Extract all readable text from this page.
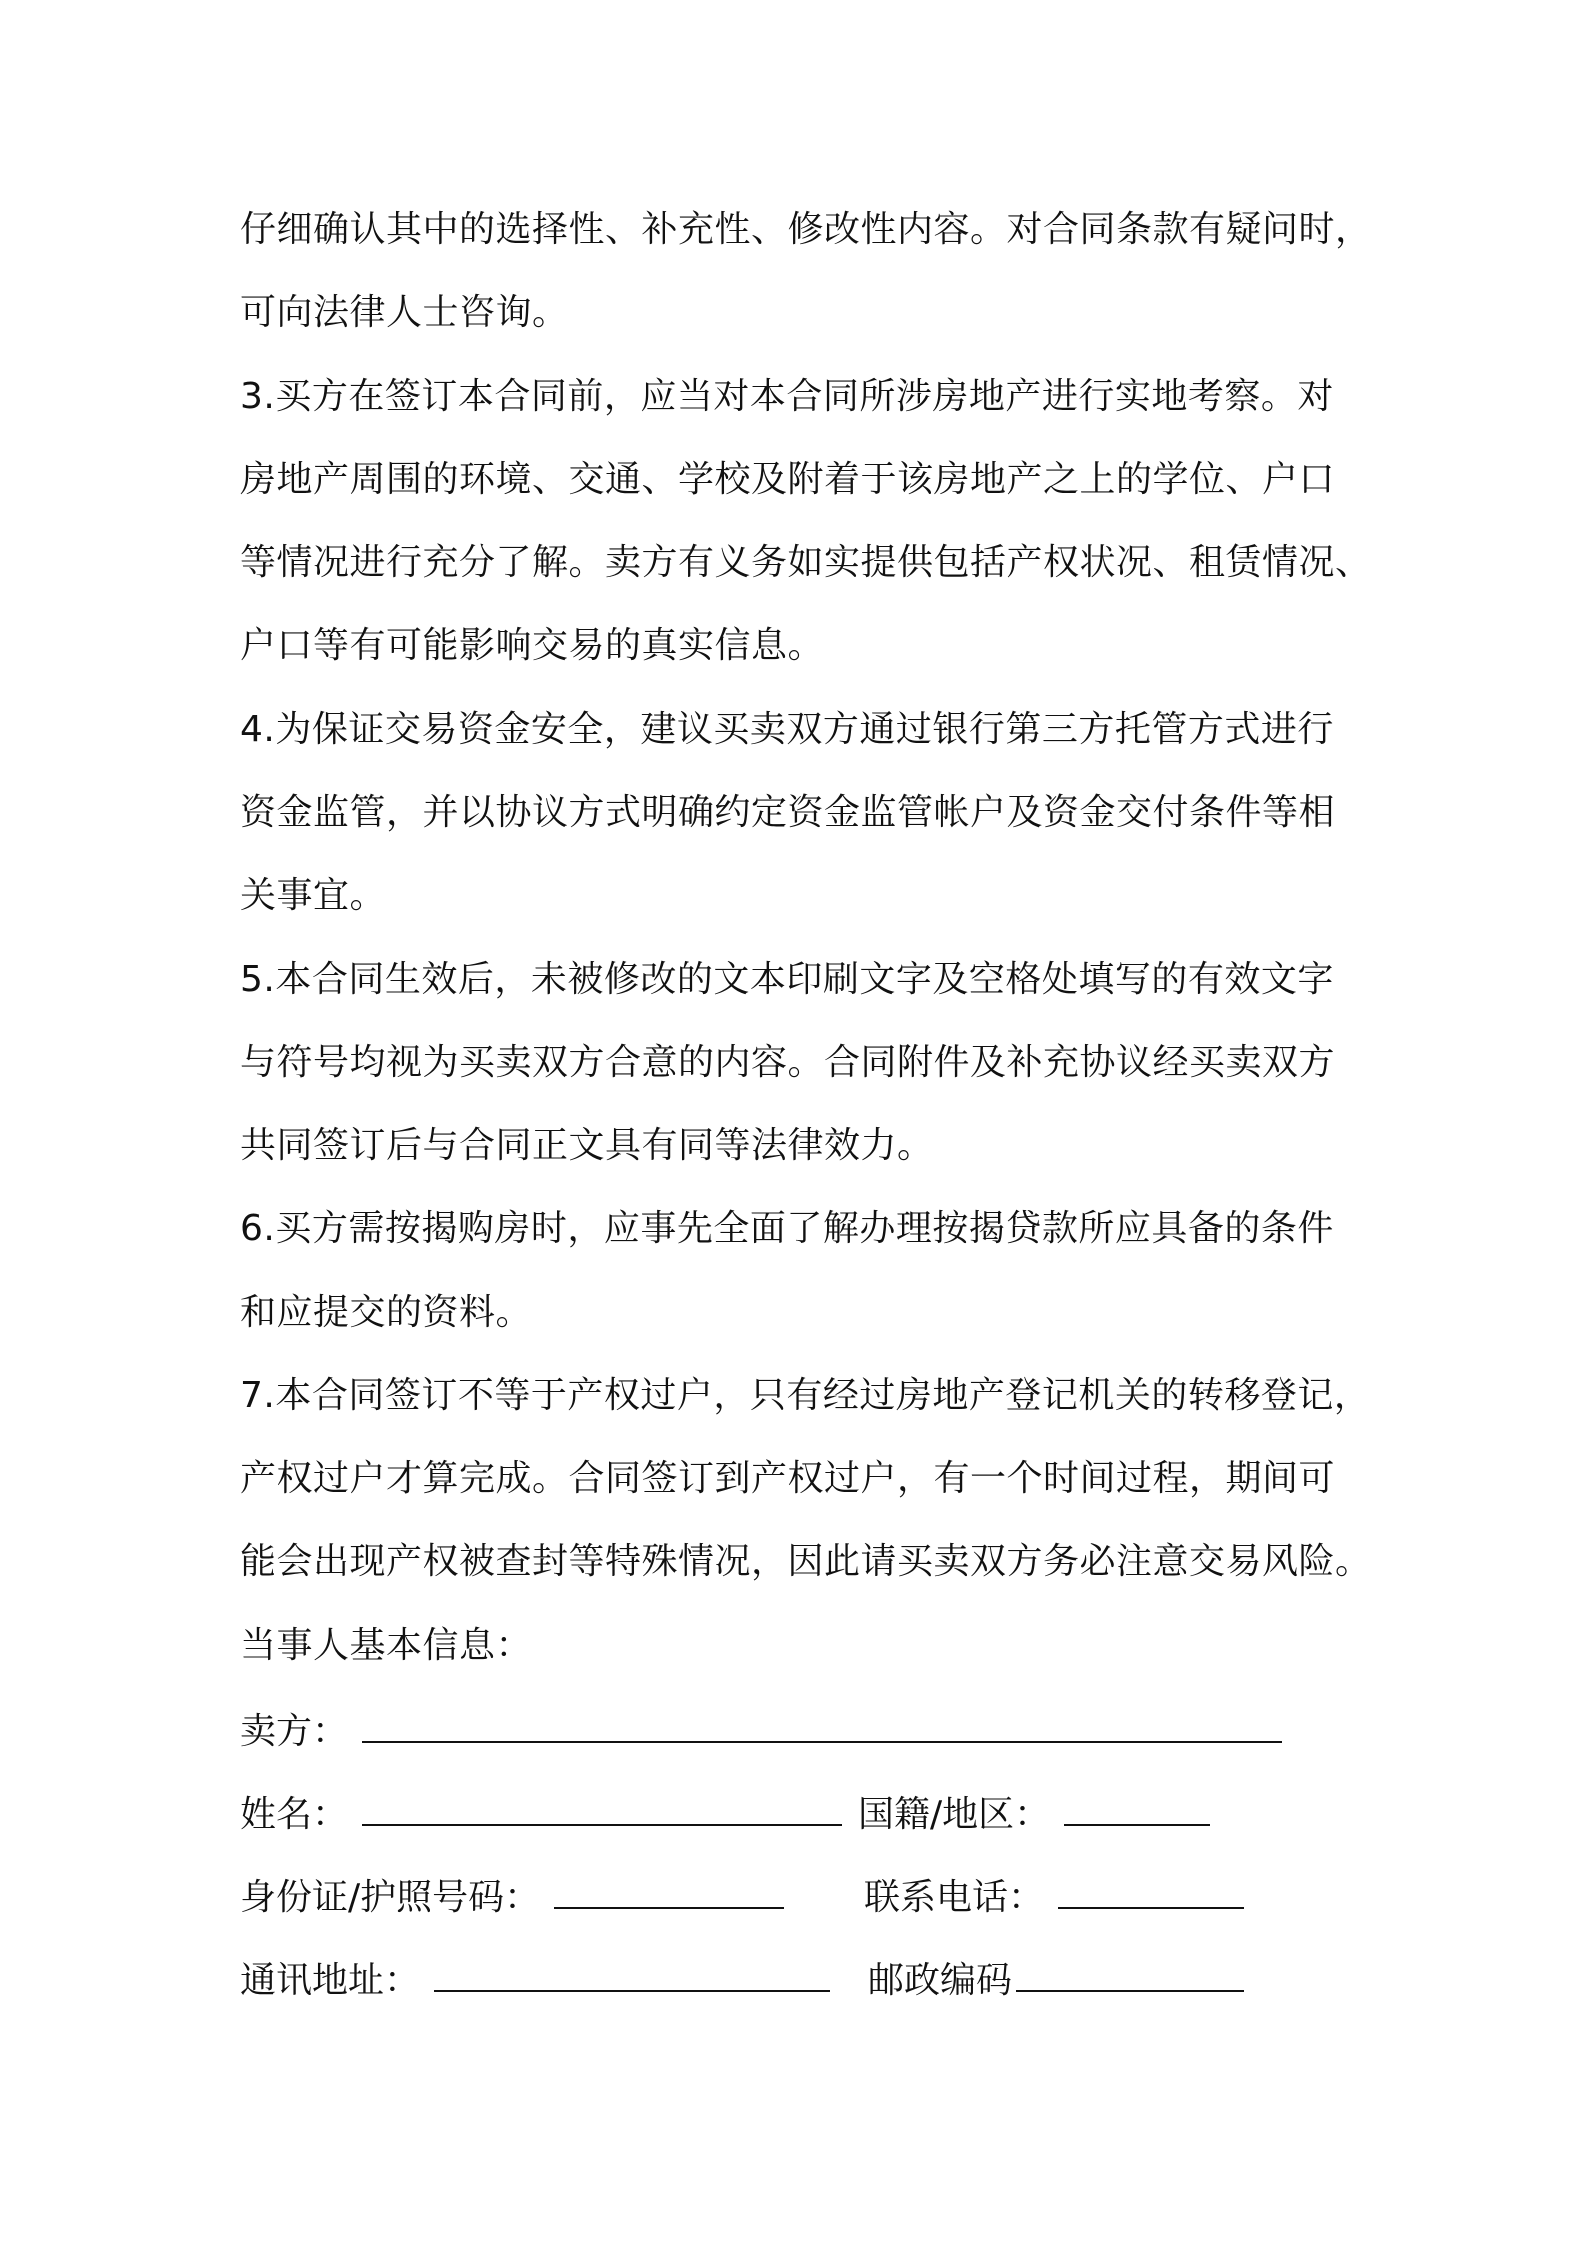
仔细确认其中的选择性、补充性、修改性内容。对合同条款有疑问时，
可向法律人士咨询。
3.买方在签订本合同前，应当对本合同所涉房地产进行实地考察。对
房地产周围的环境、交通、学校及附着于该房地产之上的学位、户口
等情况进行充分了解。卖方有义务如实提供包括产权状况、租赁情况、
户口等有可能影响交易的真实信息。
4.为保证交易资金安全，建议买卖双方通过银行第三方托管方式进行
资金监管，并以协议方式明确约定资金监管帐户及资金交付条件等相
关事宜。
5.本合同生效后，未被修改的文本印刷文字及空格处填写的有效文字
与符号均视为买卖双方合意的内容。合同附件及补充协议经买卖双方
共同签订后与合同正文具有同等法律效力。
6.买方需按揭购房时，应事先全面了解办理按揭贷款所应具备的条件
和应提交的资料。
7.本合同签订不等于产权过户，只有经过房地产登记机关的转移登记，
产权过户才算完成。合同签订到产权过户，有一个时间过程，期间可
能会出现产权被查封等特殊情况，因此请买卖双方务必注意交易风险。
当事人基本信息：
卖方：
姓名：	国籍/地区：
身份证/护照号码：	联系电话：
通讯地址：	邮政编码
